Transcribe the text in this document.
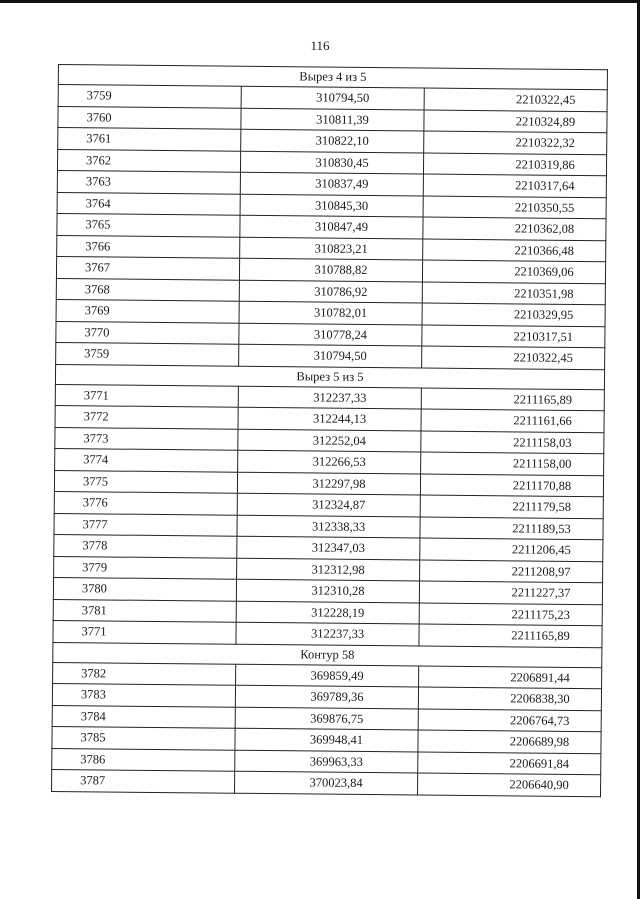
116
Вырез 4 из 5		
3759	310794,50	2210322,45
3760	310811,39	2210324,89
3761	310822,10	2210322,32
3762	310830,45	2210319,86
3763	310837,49	2210317,64
3764	310845,30	2210350,55
3765	310847,49	2210362,08
3766	310823,21	2210366,48
3767	310788,82	2210369,06
3768	310786,92	2210351,98
3769	310782,01	2210329,95
3770	310778,24	2210317,51
3759	310794,50	2210322,45
Вырез 5 из 5		
3771	312237,33	2211165,89
3772	312244,13	2211161,66
3773	312252,04	2211158,03
3774	312266,53	2211158,00
3775	312297,98	2211170,88
3776	312324,87	2211179,58
3777	312338,33	2211189,53
3778	312347,03	2211206,45
3779	312312,98	2211208,97
3780	312310,28	2211227,37
3781	312228,19	2211175,23
3771	312237,33	2211165,89
Контур 58		
3782	369859,49	2206891,44
3783	369789,36	2206838,30
3784	369876,75	2206764,73
3785	369948,41	2206689,98
3786	369963,33	2206691,84
3787	370023,84	2206640,90
